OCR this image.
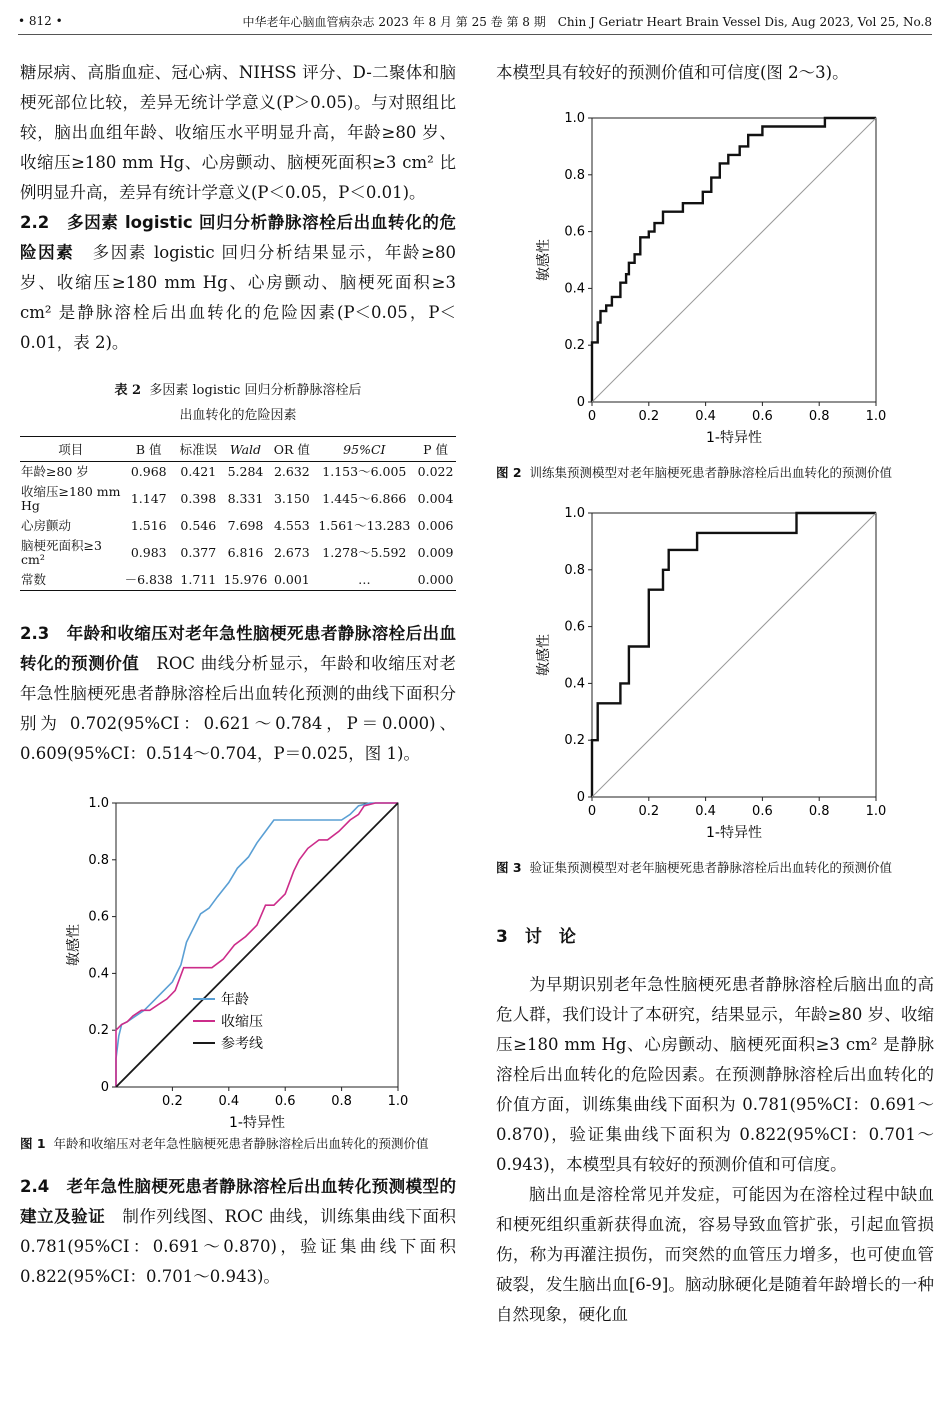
• 812 •	中华老年心脑血管病杂志 2023 年 8 月 第 25 卷 第 8 期　Chin J Geriatr Heart Brain Vessel Dis, Aug 2023, Vol 25, No.8

糖尿病、高脂血症、冠心病、NIHSS 评分、D-二聚体和脑梗死部位比较，差异无统计学意义(P＞0.05)。与对照组比较，脑出血组年龄、收缩压水平明显升高，年龄≥80 岁、收缩压≥180 mm Hg、心房颤动、脑梗死面积≥3 cm² 比例明显升高，差异有统计学意义(P＜0.05，P＜0.01)。

2.2　多因素 logistic 回归分析静脉溶栓后出血转化的危险因素　多因素 logistic 回归分析结果显示，年龄≥80 岁、收缩压≥180 mm Hg、心房颤动、脑梗死面积≥3 cm² 是静脉溶栓后出血转化的危险因素(P＜0.05，P＜0.01，表 2)。

表 2 多因素 logistic 回归分析静脉溶栓后
出血转化的危险因素
项目	B 值	标准误	Wald	OR 值	95%CI	P 值
年龄≥80 岁	0.968	0.421	5.284	2.632	1.153～6.005	0.022
收缩压≥180 mm Hg	1.147	0.398	8.331	3.150	1.445～6.866	0.004
心房颤动	1.516	0.546	7.698	4.553	1.561～13.283	0.006
脑梗死面积≥3 cm²	0.983	0.377	6.816	2.673	1.278～5.592	0.009
常数	－6.838	1.711	15.976	0.001	…	0.000

2.3　年龄和收缩压对老年急性脑梗死患者静脉溶栓后出血转化的预测价值　ROC 曲线分析显示，年龄和收缩压对老年急性脑梗死患者静脉溶栓后出血转化预测的曲线下面积分别为 0.702(95%CI：0.621～0.784，P＝0.000)、0.609(95%CI：0.514～0.704，P＝0.025，图 1)。

0
0.2
0.4
0.6
0.8
1.0
0.2	0.4	0.6	0.8	1.0
1-特异性
敏感性
年龄
收缩压
参考线

图 1 年龄和收缩压对老年急性脑梗死患者静脉溶栓后出血转化的预测价值

2.4　老年急性脑梗死患者静脉溶栓后出血转化预测模型的建立及验证　制作列线图、ROC 曲线，训练集曲线下面积 0.781(95%CI：0.691～0.870)，验证集曲线下面积 0.822(95%CI：0.701～0.943)。

本模型具有较好的预测价值和可信度(图 2～3)。

0
0.2
0.4
0.6
0.8
1.0
0	0.2	0.4	0.6	0.8	1.0
1-特异性
敏感性

图 2 训练集预测模型对老年脑梗死患者静脉溶栓后出血转化的预测价值

0
0.2
0.4
0.6
0.8
1.0
0	0.2	0.4	0.6	0.8	1.0
1-特异性
敏感性

图 3 验证集预测模型对老年脑梗死患者静脉溶栓后出血转化的预测价值

3　讨　论

为早期识别老年急性脑梗死患者静脉溶栓后脑出血的高危人群，我们设计了本研究，结果显示，年龄≥80 岁、收缩压≥180 mm Hg、心房颤动、脑梗死面积≥3 cm² 是静脉溶栓后出血转化的危险因素。在预测静脉溶栓后出血转化的价值方面，训练集曲线下面积为 0.781(95%CI：0.691～0.870)，验证集曲线下面积为 0.822(95%CI：0.701～0.943)，本模型具有较好的预测价值和可信度。

脑出血是溶栓常见并发症，可能因为在溶栓过程中缺血和梗死组织重新获得血流，容易导致血管扩张，引起血管损伤，称为再灌注损伤，而突然的血管压力增多，也可使血管破裂，发生脑出血[6-9]。脑动脉硬化是随着年龄增长的一种自然现象，硬化血
